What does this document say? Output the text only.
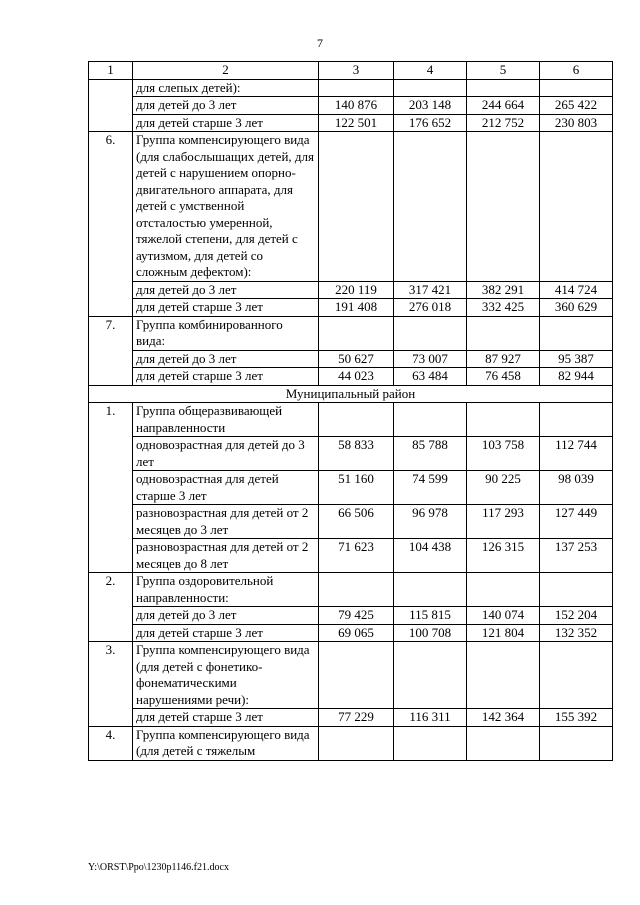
7
1	2	3	4	5	6
	для слепых детей):				
	для детей до 3 лет	140 876	203 148	244 664	265 422
	для детей старше 3 лет	122 501	176 652	212 752	230 803
6.	Группа компенсирующего вида (для слабослышащих детей, для детей с нарушением опорно-двигательного аппарата, для детей с умственной отсталостью умеренной, тяжелой степени, для детей с аутизмом, для детей со сложным дефектом):				
	для детей до 3 лет	220 119	317 421	382 291	414 724
	для детей старше 3 лет	191 408	276 018	332 425	360 629
7.	Группа комбинированного вида:				
	для детей до 3 лет	50 627	73 007	87 927	95 387
	для детей старше 3 лет	44 023	63 484	76 458	82 944
Муниципальный район					
1.	Группа общеразвивающей направленности				
	одновозрастная для детей до 3 лет	58 833	85 788	103 758	112 744
	одновозрастная для детей старше 3 лет	51 160	74 599	90 225	98 039
	разновозрастная для детей от 2 месяцев до 3 лет	66 506	96 978	117 293	127 449
	разновозрастная для детей от 2 месяцев до 8 лет	71 623	104 438	126 315	137 253
2.	Группа оздоровительной направленности:				
	для детей до 3 лет	79 425	115 815	140 074	152 204
	для детей старше 3 лет	69 065	100 708	121 804	132 352
3.	Группа компенсирующего вида (для детей с фонетико-фонематическими нарушениями речи):				
	для детей старше 3 лет	77 229	116 311	142 364	155 392
4.	Группа компенсирующего вида (для детей с тяжелым				
Y:\ORST\Ppo\1230p1146.f21.docx
